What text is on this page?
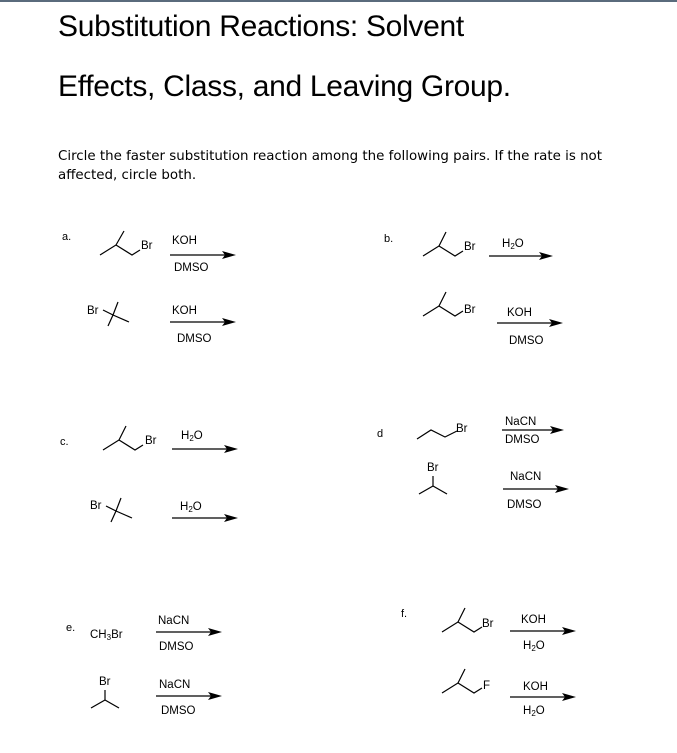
Substitution Reactions: Solvent
Effects, Class, and Leaving Group.
Circle the faster substitution reaction among the following pairs. If the rate is not affected, circle both.
a.
Br KOH
DMSO
Br	KOH
DMSO
b.
Br $H_2O$
Br	KOH
DMSO
c.	Br $H_2O$
Br	$H_2O$
d	Br
NaCN
DMSO
Br
NaCN
DMSO
e.
$CH_3Br$
NaCN
DMSO
Br	NaCN
DMSO
f.
Br KOH
$H_2O$
F	KOH
$H_2O$
